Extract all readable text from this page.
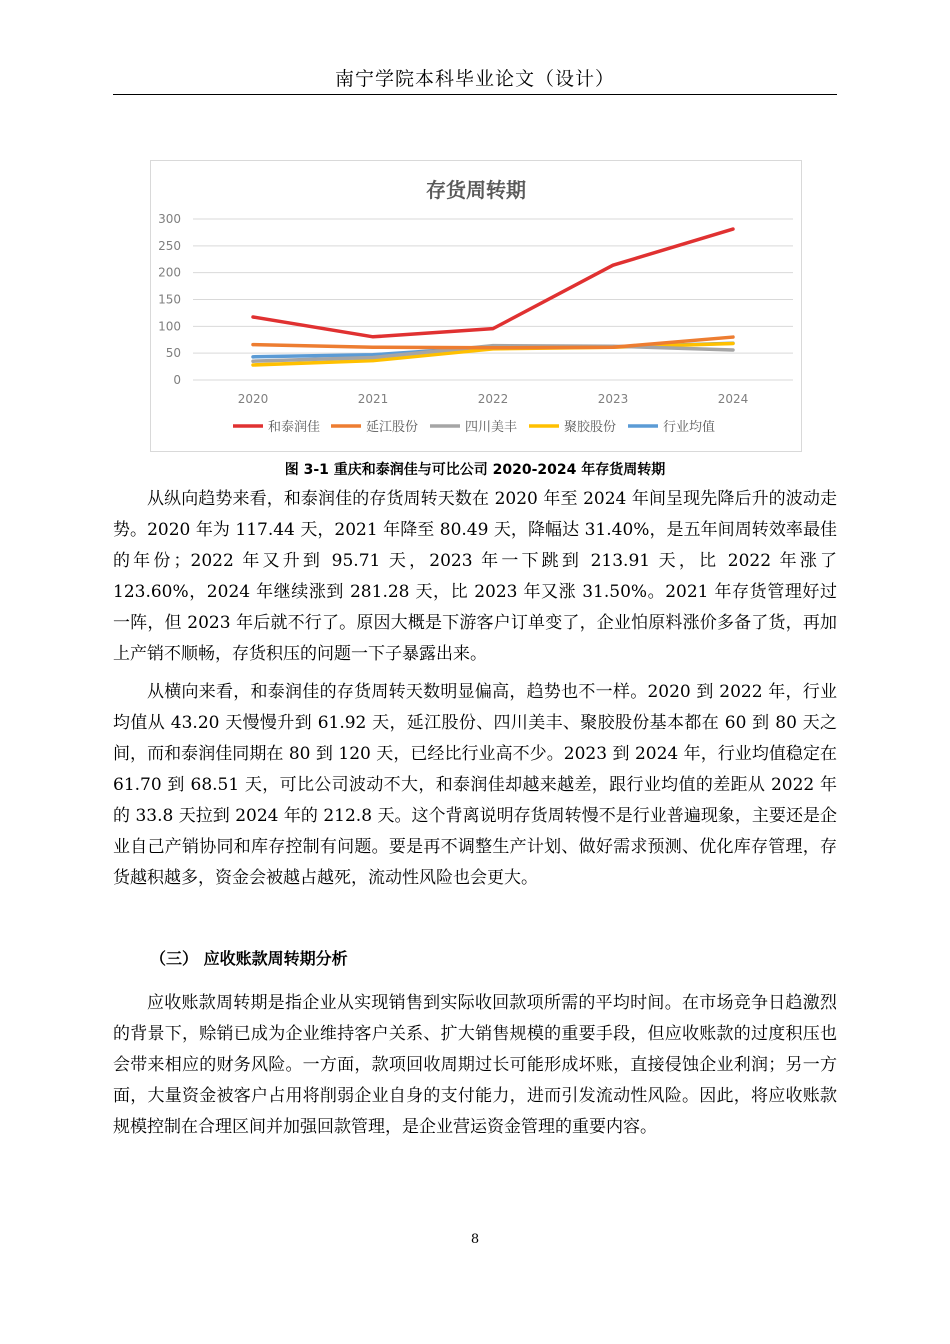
南宁学院本科毕业论文（设计）
存货周转期
0
50
100
150
200
250
300
2020	2021	2022	2023	2024
和泰润佳	延江股份	四川美丰	聚胶股份	行业均值
图 3-1 重庆和泰润佳与可比公司 2020-2024 年存货周转期

从纵向趋势来看，和泰润佳的存货周转天数在 2020 年至 2024 年间呈现先降后升的波动走势。2020 年为 117.44 天，2021 年降至 80.49 天，降幅达 31.40%，是五年间周转效率最佳的年份；2022 年又升到 95.71 天，2023 年一下跳到 213.91 天，比 2022 年涨了 123.60%，2024 年继续涨到 281.28 天，比 2023 年又涨 31.50%。2021 年存货管理好过一阵，但 2023 年后就不行了。原因大概是下游客户订单变了，企业怕原料涨价多备了货，再加上产销不顺畅，存货积压的问题一下子暴露出来。

从横向来看，和泰润佳的存货周转天数明显偏高，趋势也不一样。2020 到 2022 年，行业均值从 43.20 天慢慢升到 61.92 天，延江股份、四川美丰、聚胶股份基本都在 60 到 80 天之间，而和泰润佳同期在 80 到 120 天，已经比行业高不少。2023 到 2024 年，行业均值稳定在 61.70 到 68.51 天，可比公司波动不大，和泰润佳却越来越差，跟行业均值的差距从 2022 年的 33.8 天拉到 2024 年的 212.8 天。这个背离说明存货周转慢不是行业普遍现象，主要还是企业自己产销协同和库存控制有问题。要是再不调整生产计划、做好需求预测、优化库存管理，存货越积越多，资金会被越占越死，流动性风险也会更大。

（三） 应收账款周转期分析

应收账款周转期是指企业从实现销售到实际收回款项所需的平均时间。在市场竞争日趋激烈的背景下，赊销已成为企业维持客户关系、扩大销售规模的重要手段，但应收账款的过度积压也会带来相应的财务风险。一方面，款项回收周期过长可能形成坏账，直接侵蚀企业利润；另一方面，大量资金被客户占用将削弱企业自身的支付能力，进而引发流动性风险。因此，将应收账款规模控制在合理区间并加强回款管理，是企业营运资金管理的重要内容。

8
